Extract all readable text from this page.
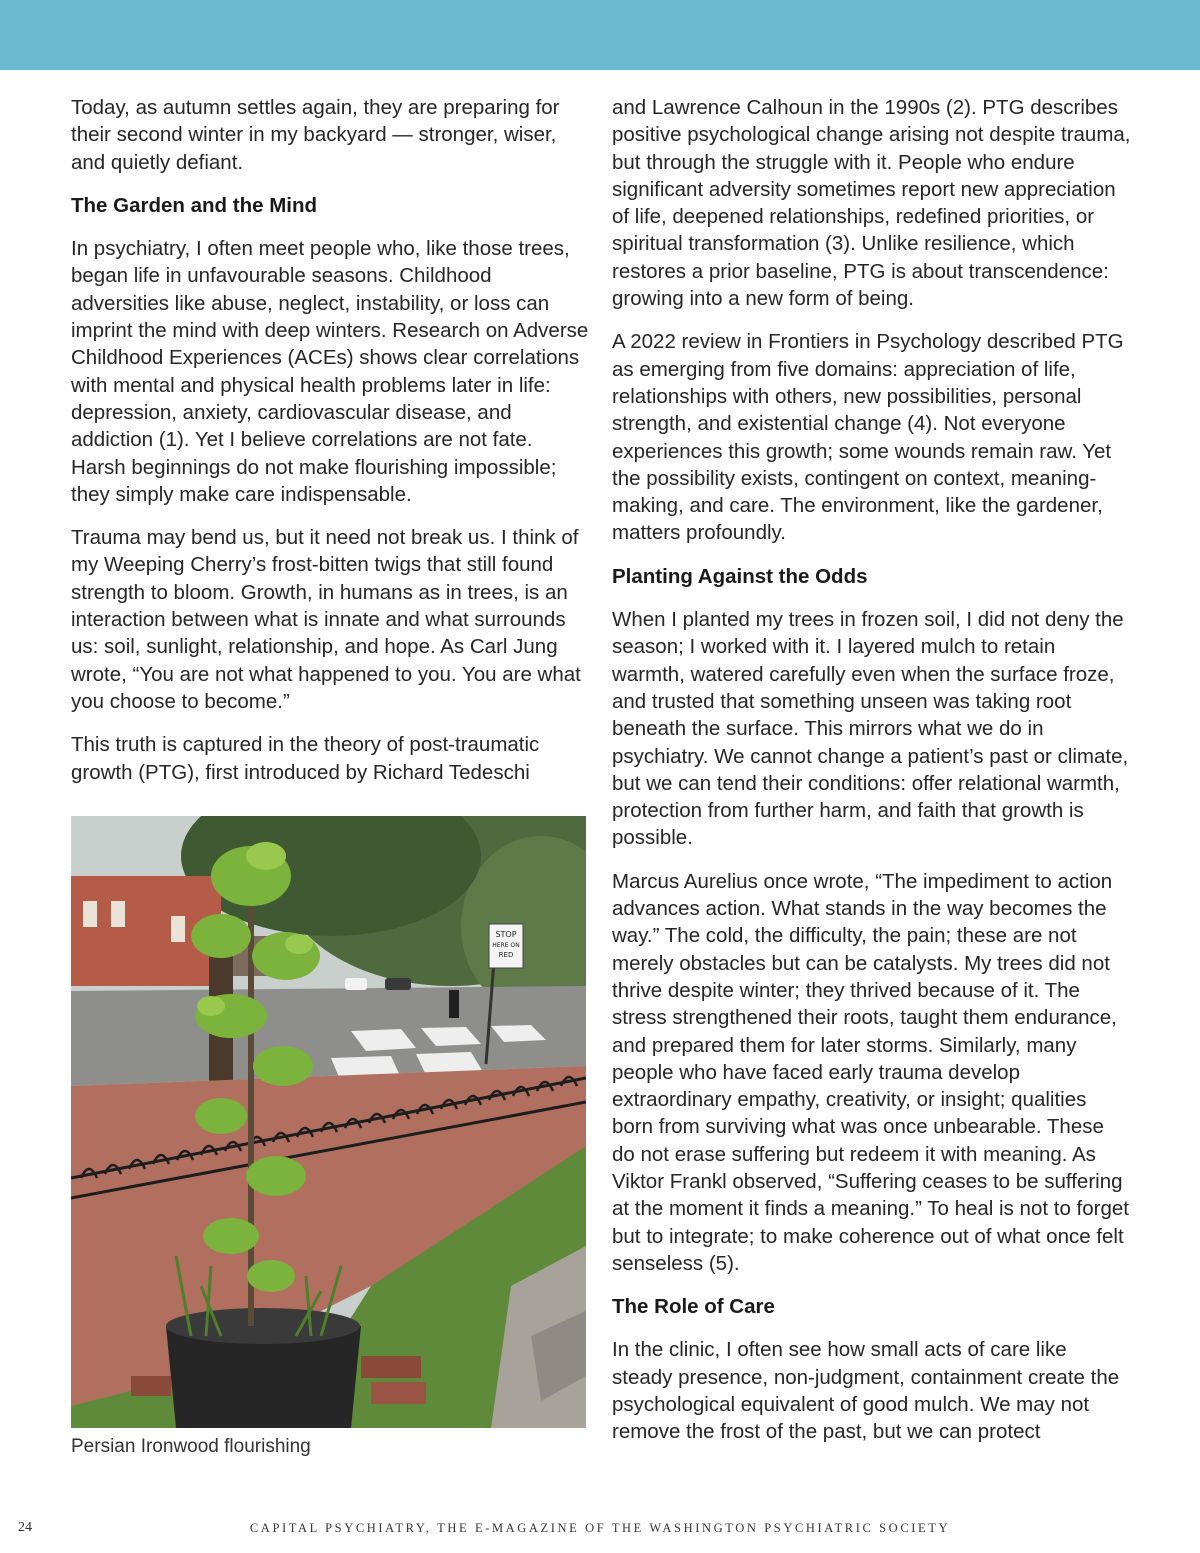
Today, as autumn settles again, they are preparing for their second winter in my backyard — stronger, wiser, and quietly defiant.

The Garden and the Mind

In psychiatry, I often meet people who, like those trees, began life in unfavourable seasons. Childhood adversities like abuse, neglect, instability, or loss can imprint the mind with deep winters. Research on Adverse Childhood Experiences (ACEs) shows clear correlations with mental and physical health problems later in life: depression, anxiety, cardiovascular disease, and addiction (1). Yet I believe correlations are not fate. Harsh beginnings do not make flourishing impossible; they simply make care indispensable.

Trauma may bend us, but it need not break us. I think of my Weeping Cherry’s frost-bitten twigs that still found strength to bloom. Growth, in humans as in trees, is an interaction between what is innate and what surrounds us: soil, sunlight, relationship, and hope. As Carl Jung wrote, “You are not what happened to you. You are what you choose to become.”

This truth is captured in the theory of post-traumatic growth (PTG), first introduced by Richard Tedeschi

STOP
HERE ON
RED
Persian Ironwood flourishing

and Lawrence Calhoun in the 1990s (2). PTG describes positive psychological change arising not despite trauma, but through the struggle with it. People who endure significant adversity sometimes report new appreciation of life, deepened relationships, redefined priorities, or spiritual transformation (3). Unlike resilience, which restores a prior baseline, PTG is about transcendence: growing into a new form of being.

A 2022 review in Frontiers in Psychology described PTG as emerging from five domains: appreciation of life, relationships with others, new possibilities, personal strength, and existential change (4). Not everyone experiences this growth; some wounds remain raw. Yet the possibility exists, contingent on context, meaning-making, and care. The environment, like the gardener, matters profoundly.

Planting Against the Odds

When I planted my trees in frozen soil, I did not deny the season; I worked with it. I layered mulch to retain warmth, watered carefully even when the surface froze, and trusted that something unseen was taking root beneath the surface. This mirrors what we do in psychiatry. We cannot change a patient’s past or climate, but we can tend their conditions: offer relational warmth, protection from further harm, and faith that growth is possible.

Marcus Aurelius once wrote, “The impediment to action advances action. What stands in the way becomes the way.” The cold, the difficulty, the pain; these are not merely obstacles but can be catalysts. My trees did not thrive despite winter; they thrived because of it. The stress strengthened their roots, taught them endurance, and prepared them for later storms. Similarly, many people who have faced early trauma develop extraordinary empathy, creativity, or insight; qualities born from surviving what was once unbearable. These do not erase suffering but redeem it with meaning. As Viktor Frankl observed, “Suffering ceases to be suffering at the moment it finds a meaning.” To heal is not to forget but to integrate; to make coherence out of what once felt senseless (5).

The Role of Care

In the clinic, I often see how small acts of care like steady presence, non-judgment, containment create the psychological equivalent of good mulch. We may not remove the frost of the past, but we can protect

24	CAPITAL PSYCHIATRY, THE E-MAGAZINE OF THE WASHINGTON PSYCHIATRIC SOCIETY
